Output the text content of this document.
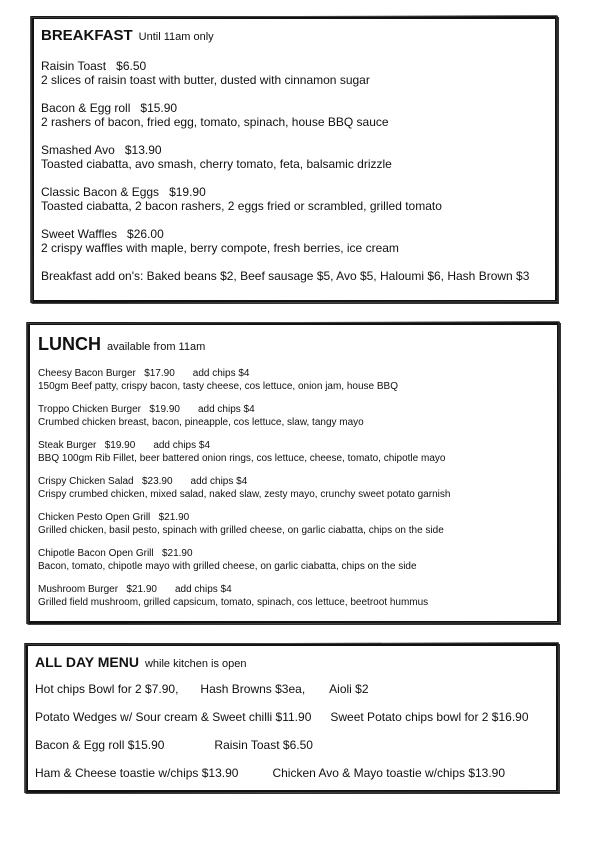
BREAKFAST Until 11am only
Raisin Toast $6.50
2 slices of raisin toast with butter, dusted with cinnamon sugar
Bacon & Egg roll $15.90
2 rashers of bacon, fried egg, tomato, spinach, house BBQ sauce
Smashed Avo $13.90
Toasted ciabatta, avo smash, cherry tomato, feta, balsamic drizzle
Classic Bacon & Eggs $19.90
Toasted ciabatta, 2 bacon rashers, 2 eggs fried or scrambled, grilled tomato
Sweet Waffles $26.00
2 crispy waffles with maple, berry compote, fresh berries, ice cream
Breakfast add on's: Baked beans $2, Beef sausage $5, Avo $5, Haloumi $6, Hash Brown $3
LUNCH available from 11am
Cheesy Bacon Burger $17.90 add chips $4
150gm Beef patty, crispy bacon, tasty cheese, cos lettuce, onion jam, house BBQ
Troppo Chicken Burger $19.90 add chips $4
Crumbed chicken breast, bacon, pineapple, cos lettuce, slaw, tangy mayo
Steak Burger $19.90 add chips $4
BBQ 100gm Rib Fillet, beer battered onion rings, cos lettuce, cheese, tomato, chipotle mayo
Crispy Chicken Salad $23.90 add chips $4
Crispy crumbed chicken, mixed salad, naked slaw, zesty mayo, crunchy sweet potato garnish
Chicken Pesto Open Grill $21.90
Grilled chicken, basil pesto, spinach with grilled cheese, on garlic ciabatta, chips on the side
Chipotle Bacon Open Grill $21.90
Bacon, tomato, chipotle mayo with grilled cheese, on garlic ciabatta, chips on the side
Mushroom Burger $21.90 add chips $4
Grilled field mushroom, grilled capsicum, tomato, spinach, cos lettuce, beetroot hummus
ALL DAY MENU while kitchen is open
Hot chips Bowl for 2 $7.90, Hash Browns $3ea, Aioli $2
Potato Wedges w/ Sour cream & Sweet chilli $11.90 Sweet Potato chips bowl for 2 $16.90
Bacon & Egg roll $15.90	Raisin Toast $6.50
Ham & Cheese toastie w/chips $13.90	Chicken Avo & Mayo toastie w/chips $13.90
